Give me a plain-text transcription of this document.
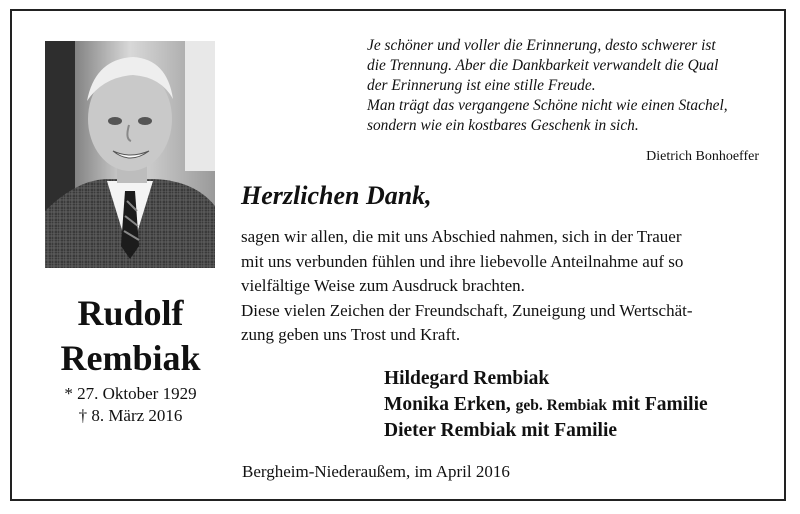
Rudolf
Rembiak
* 27. Oktober 1929
† 8. März 2016
Je schöner und voller die Erinnerung, desto schwerer ist
die Trennung. Aber die Dankbarkeit verwandelt die Qual
der Erinnerung ist eine stille Freude.
Man trägt das vergangene Schöne nicht wie einen Stachel,
sondern wie ein kostbares Geschenk in sich.
Dietrich Bonhoeffer
Herzlichen Dank,
sagen wir allen, die mit uns Abschied nahmen, sich in der Trauer
mit uns verbunden fühlen und ihre liebevolle Anteilnahme auf so
vielfältige Weise zum Ausdruck brachten.
Diese vielen Zeichen der Freundschaft, Zuneigung und Wertschät-
zung geben uns Trost und Kraft.
Hildegard Rembiak
Monika Erken, geb. Rembiak mit Familie
Dieter Rembiak mit Familie
Bergheim-Niederaußem, im April 2016
